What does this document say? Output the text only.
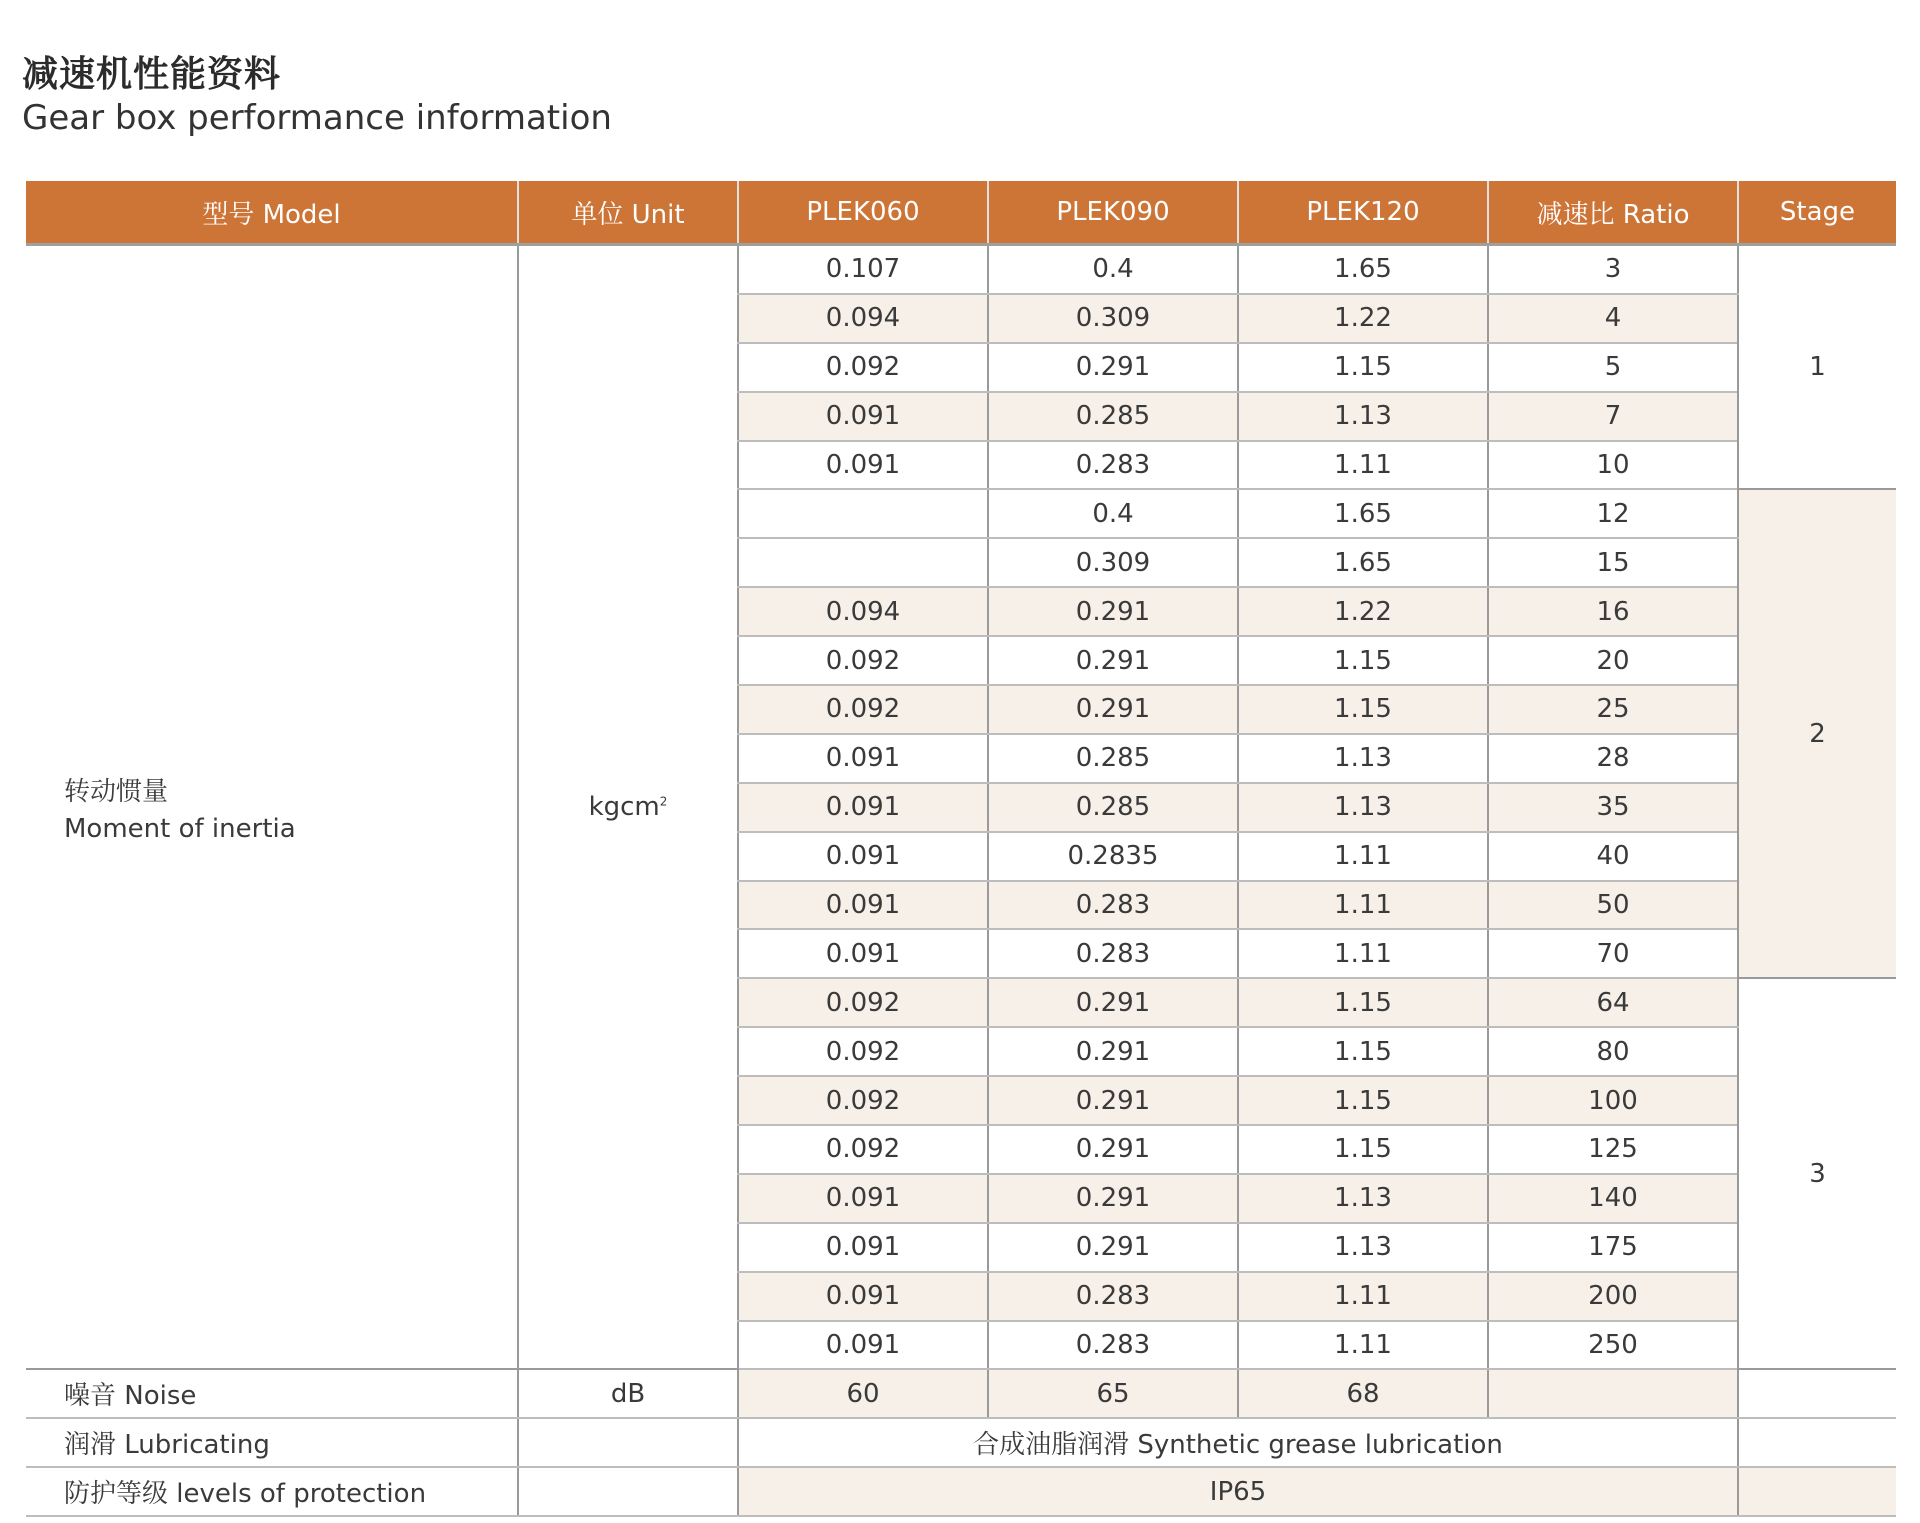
减速机性能资料
Gear box performance information
型号 Model	单位 Unit	PLEK060	PLEK090	PLEK120	减速比 Ratio	Stage

转动惯量
Moment of inertia	kgcm$^2$	0.107	0.4	1.65	3	1
		0.094	0.309	1.22	4	
		0.092	0.291	1.15	5	
		0.091	0.285	1.13	7	
		0.091	0.283	1.11	10	
			0.4	1.65	12	2
			0.309	1.65	15	
		0.094	0.291	1.22	16	
		0.092	0.291	1.15	20	
		0.092	0.291	1.15	25	
		0.091	0.285	1.13	28	
		0.091	0.285	1.13	35	
		0.091	0.2835	1.11	40	
		0.091	0.283	1.11	50	
		0.091	0.283	1.11	70	
		0.092	0.291	1.15	64	3
		0.092	0.291	1.15	80	
		0.092	0.291	1.15	100	
		0.092	0.291	1.15	125	
		0.091	0.291	1.13	140	
		0.091	0.291	1.13	175	
		0.091	0.283	1.11	200	
		0.091	0.283	1.11	250	
噪音 Noise	dB	60	65	68		
润滑 Lubricating		合成油脂润滑 Synthetic grease lubrication				
防护等级 levels of protection		IP65				
